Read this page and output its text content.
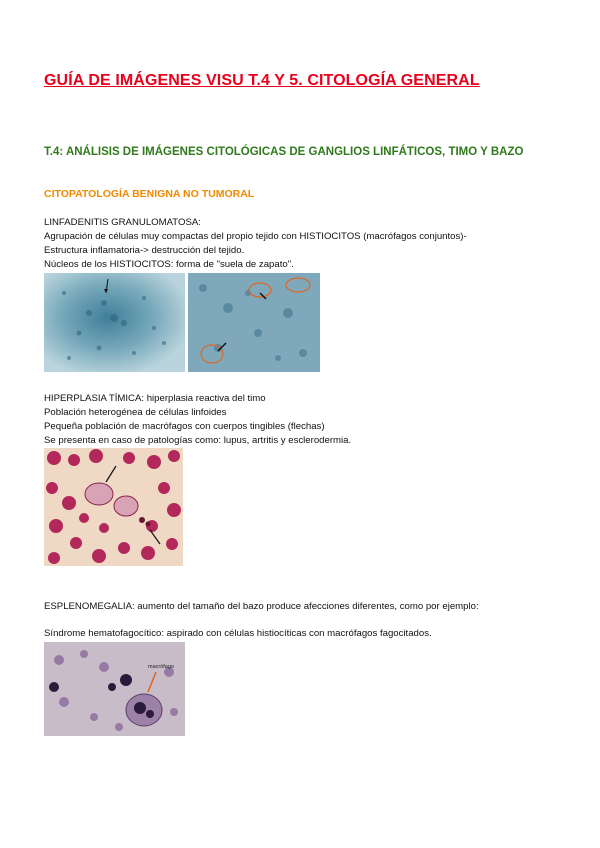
GUÍA DE IMÁGENES VISU T.4 Y 5. CITOLOGÍA GENERAL
T.4: ANÁLISIS DE IMÁGENES CITOLÓGICAS DE GANGLIOS LINFÁTICOS, TIMO Y BAZO
CITOPATOLOGÍA BENIGNA NO TUMORAL
LINFADENITIS GRANULOMATOSA:
Agrupación de células muy compactas del propio tejido con HISTIOCITOS (macrófagos conjuntos)-
Estructura inflamatoria-> destrucción del tejido.
Núcleos de los HISTIOCITOS: forma de "suela de zapato".
HIPERPLASIA TÍMICA: hiperplasia reactiva del timo
Población heterogénea de células linfoides
Pequeña población de macrófagos con cuerpos tingibles (flechas)
Se presenta en caso de patologías como: lupus, artritis y esclerodermia.
ESPLENOMEGALIA: aumento del tamaño del bazo produce afecciones diferentes, como por ejemplo:
Síndrome hematofagocítico: aspirado con células histiocíticas con macrófagos fagocitados.
macrófago
